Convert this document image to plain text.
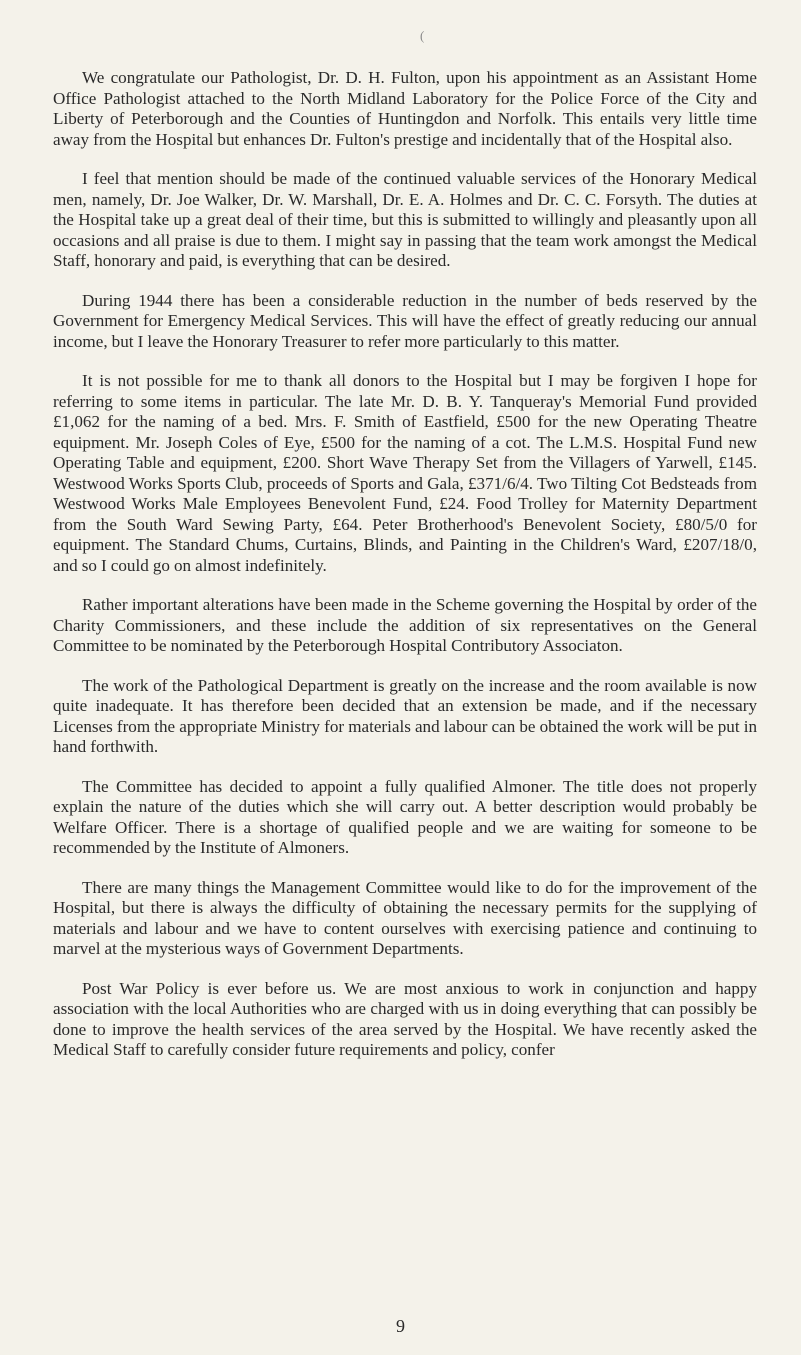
(

We congratulate our Pathologist, Dr. D. H. Fulton, upon his appointment as an Assistant Home Office Pathologist attached to the North Midland Laboratory for the Police Force of the City and Liberty of Peterborough and the Counties of Huntingdon and Norfolk. This entails very little time away from the Hospital but enhances Dr. Fulton's prestige and incidentally that of the Hospital also.

I feel that mention should be made of the continued valuable services of the Honorary Medical men, namely, Dr. Joe Walker, Dr. W. Marshall, Dr. E. A. Holmes and Dr. C. C. Forsyth. The duties at the Hospital take up a great deal of their time, but this is submitted to willingly and pleasantly upon all occasions and all praise is due to them. I might say in passing that the team work amongst the Medical Staff, honorary and paid, is everything that can be desired.

During 1944 there has been a considerable reduction in the number of beds reserved by the Government for Emergency Medical Services. This will have the effect of greatly reducing our annual income, but I leave the Honorary Treasurer to refer more particularly to this matter.

It is not possible for me to thank all donors to the Hospital but I may be forgiven I hope for referring to some items in particular. The late Mr. D. B. Y. Tanqueray's Memorial Fund provided £1,062 for the naming of a bed. Mrs. F. Smith of Eastfield, £500 for the new Operating Theatre equipment. Mr. Joseph Coles of Eye, £500 for the naming of a cot. The L.M.S. Hospital Fund new Operating Table and equipment, £200. Short Wave Therapy Set from the Villagers of Yarwell, £145. Westwood Works Sports Club, proceeds of Sports and Gala, £371/6/4. Two Tilting Cot Bedsteads from Westwood Works Male Employees Benevolent Fund, £24. Food Trolley for Maternity Department from the South Ward Sewing Party, £64. Peter Brotherhood's Benevolent Society, £80/5/0 for equipment. The Standard Chums, Curtains, Blinds, and Painting in the Children's Ward, £207/18/0, and so I could go on almost indefinitely.

Rather important alterations have been made in the Scheme governing the Hospital by order of the Charity Commissioners, and these include the addition of six representatives on the General Committee to be nominated by the Peterborough Hospital Contributory Associaton.

The work of the Pathological Department is greatly on the increase and the room available is now quite inadequate. It has therefore been decided that an extension be made, and if the necessary Licenses from the appropriate Ministry for materials and labour can be obtained the work will be put in hand forthwith.

The Committee has decided to appoint a fully qualified Almoner. The title does not properly explain the nature of the duties which she will carry out. A better description would probably be Welfare Officer. There is a shortage of qualified people and we are waiting for someone to be recommended by the Institute of Almoners.

There are many things the Management Committee would like to do for the improvement of the Hospital, but there is always the difficulty of obtaining the necessary permits for the supplying of materials and labour and we have to content ourselves with exercising patience and continuing to marvel at the mysterious ways of Government Departments.

Post War Policy is ever before us. We are most anxious to work in conjunction and happy association with the local Authorities who are charged with us in doing everything that can possibly be done to improve the health services of the area served by the Hospital. We have recently asked the Medical Staff to carefully consider future requirements and policy, confer

9
